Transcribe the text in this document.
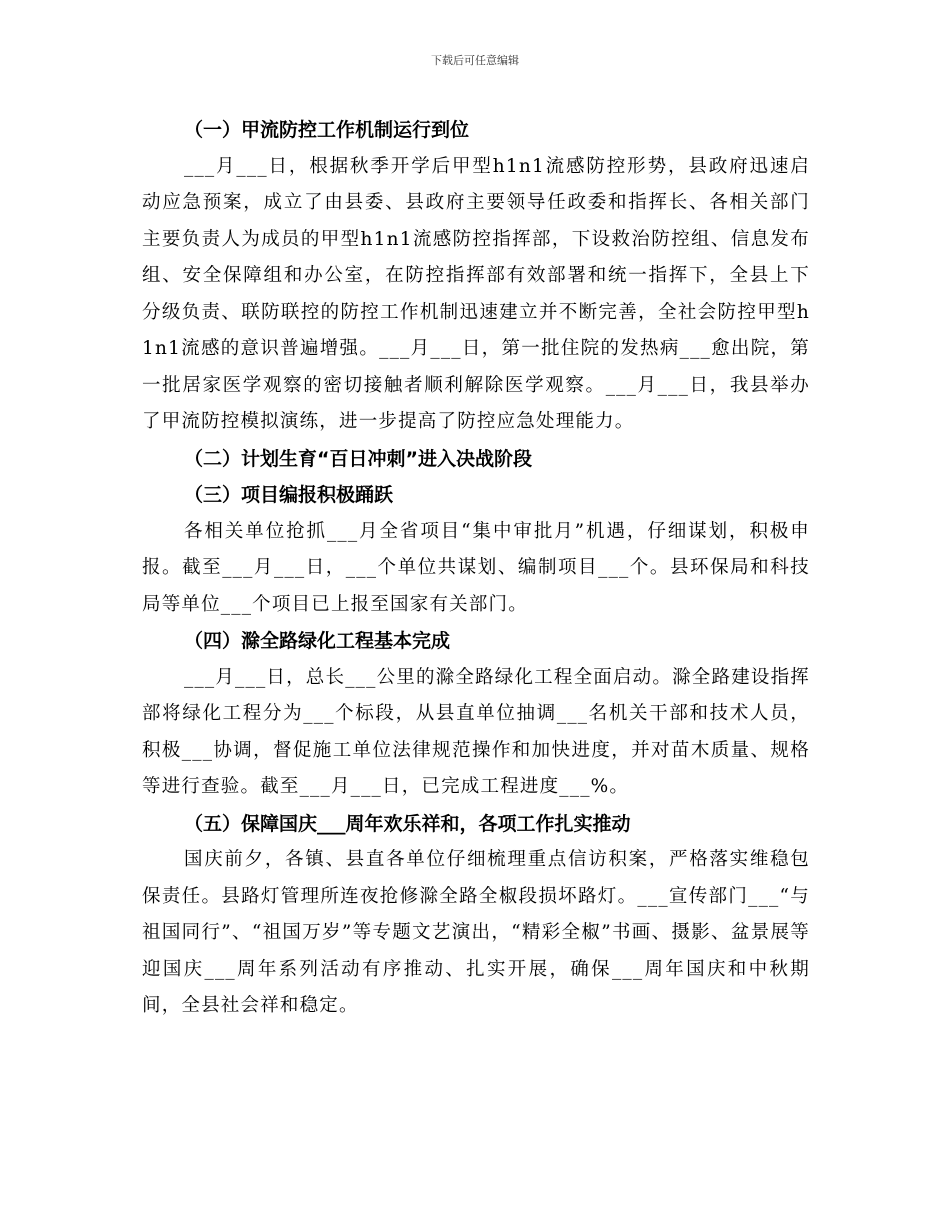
下载后可任意编辑
（一）甲流防控工作机制运行到位
___月___日，根据秋季开学后甲型h1n1流感防控形势，县政府迅速启动应急预案，成立了由县委、县政府主要领导任政委和指挥长、各相关部门主要负责人为成员的甲型h1n1流感防控指挥部，下设救治防控组、信息发布组、安全保障组和办公室，在防控指挥部有效部署和统一指挥下，全县上下分级负责、联防联控的防控工作机制迅速建立并不断完善，全社会防控甲型h1n1流感的意识普遍增强。___月___日，第一批住院的发热病___愈出院，第一批居家医学观察的密切接触者顺利解除医学观察。___月___日，我县举办了甲流防控模拟演练，进一步提高了防控应急处理能力。
（二）计划生育“百日冲刺”进入决战阶段
（三）项目编报积极踊跃
各相关单位抢抓___月全省项目“集中审批月”机遇，仔细谋划，积极申报。截至___月___日，___个单位共谋划、编制项目___个。县环保局和科技局等单位___个项目已上报至国家有关部门。
（四）滁全路绿化工程基本完成
___月___日，总长___公里的滁全路绿化工程全面启动。滁全路建设指挥部将绿化工程分为___个标段，从县直单位抽调___名机关干部和技术人员，积极___协调，督促施工单位法律规范操作和加快进度，并对苗木质量、规格等进行查验。截至___月___日，已完成工程进度___%。
（五）保障国庆___周年欢乐祥和，各项工作扎实推动
国庆前夕，各镇、县直各单位仔细梳理重点信访积案，严格落实维稳包保责任。县路灯管理所连夜抢修滁全路全椒段损坏路灯。___宣传部门___“与祖国同行”、“祖国万岁”等专题文艺演出，“精彩全椒”书画、摄影、盆景展等迎国庆___周年系列活动有序推动、扎实开展，确保___周年国庆和中秋期间，全县社会祥和稳定。
